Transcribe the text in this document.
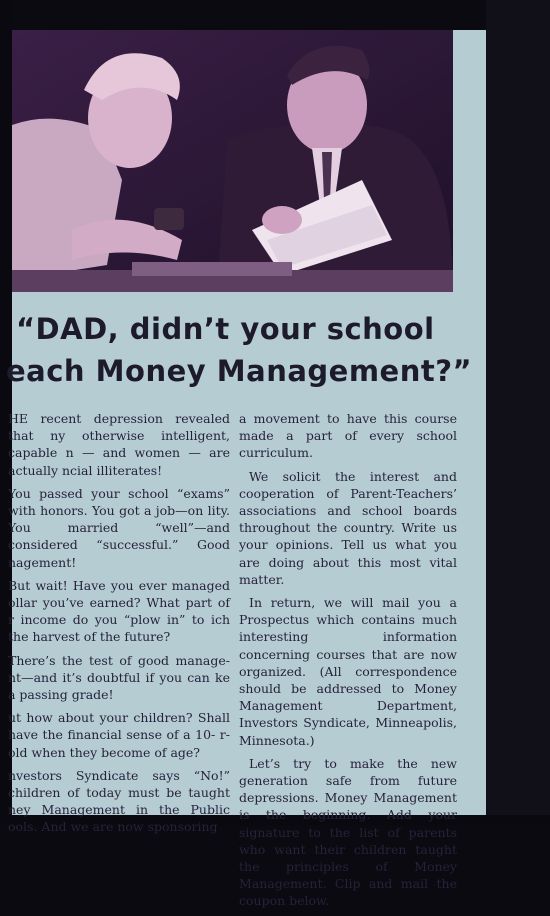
“DAD, didn’t your school
each Money Management?”

HE recent depression revealed that ny otherwise intelligent, capable n — and women — are actually ncial illiterates!

You passed your school “exams” with honors. You got a job—on lity. You married “well”—and considered “successful.” Good nagement!

But wait! Have you ever managed ollar you’ve earned? What part of r income do you “plow in” to ich the harvest of the future?

There’s the test of good manage- nt—and it’s doubtful if you can ke a passing grade!

ut how about your children? Shall have the financial sense of a 10- r-old when they become of age?

nvestors Syndicate says “No!” children of today must be taught ney Management in the Public ools. And we are now sponsoring

a movement to have this course made a part of every school curriculum.

We solicit the interest and cooperation of Parent-Teachers’ associations and school boards throughout the country. Write us your opinions. Tell us what you are doing about this most vital matter.

In return, we will mail you a Prospectus which contains much interesting information concerning courses that are now organized. (All correspondence should be addressed to Money Management Department, Investors Syndicate, Minneapolis, Minnesota.)

Let’s try to make the new generation safe from future depressions. Money Management is the beginning. Add your signature to the list of parents who want their children taught the principles of Money Management. Clip and mail the coupon below.
